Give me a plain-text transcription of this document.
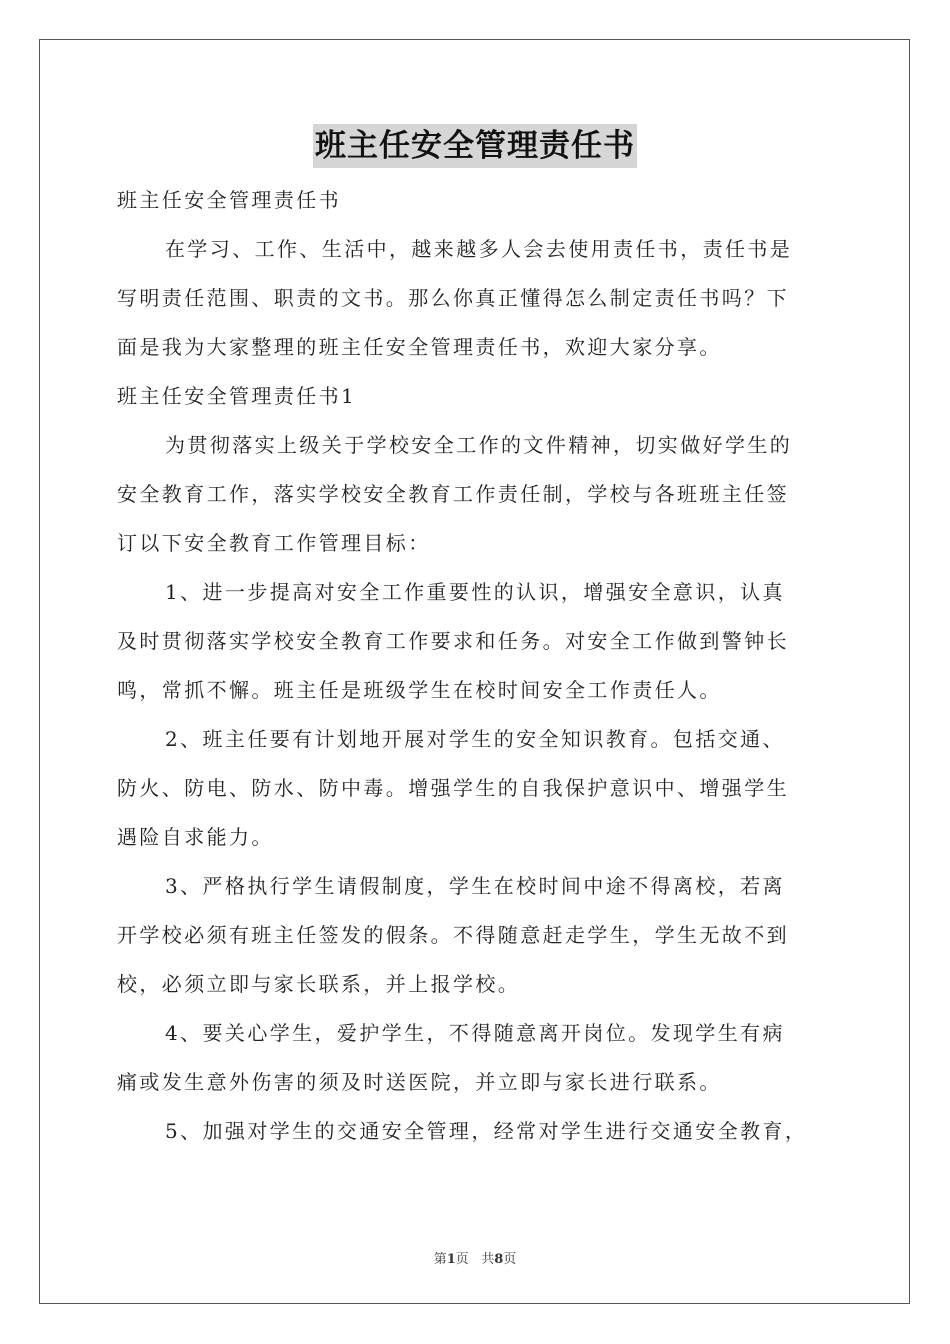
班主任安全管理责任书
班主任安全管理责任书
在学习、工作、生活中，越来越多人会去使用责任书，责任书是
写明责任范围、职责的文书。那么你真正懂得怎么制定责任书吗？下
面是我为大家整理的班主任安全管理责任书，欢迎大家分享。
班主任安全管理责任书1
为贯彻落实上级关于学校安全工作的文件精神，切实做好学生的
安全教育工作，落实学校安全教育工作责任制，学校与各班班主任签
订以下安全教育工作管理目标：
1、进一步提高对安全工作重要性的认识，增强安全意识，认真
及时贯彻落实学校安全教育工作要求和任务。对安全工作做到警钟长
鸣，常抓不懈。班主任是班级学生在校时间安全工作责任人。
2、班主任要有计划地开展对学生的安全知识教育。包括交通、
防火、防电、防水、防中毒。增强学生的自我保护意识中、增强学生
遇险自求能力。
3、严格执行学生请假制度，学生在校时间中途不得离校，若离
开学校必须有班主任签发的假条。不得随意赶走学生，学生无故不到
校，必须立即与家长联系，并上报学校。
4、要关心学生，爱护学生，不得随意离开岗位。发现学生有病
痛或发生意外伤害的须及时送医院，并立即与家长进行联系。
5、加强对学生的交通安全管理，经常对学生进行交通安全教育，
第1页 共8页
